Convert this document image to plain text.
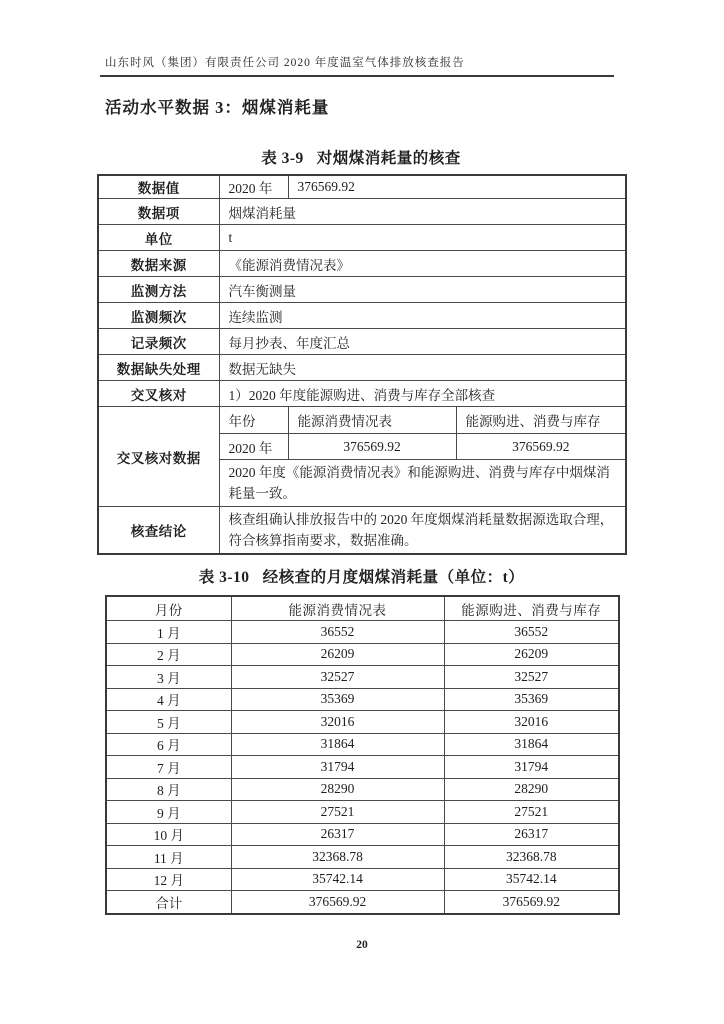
山东时风（集团）有限责任公司 2020 年度温室气体排放核查报告
活动水平数据 3：烟煤消耗量
表 3-9 对烟煤消耗量的核查
数据值	2020 年	376569.92	
数据项	烟煤消耗量		
单位	t		
数据来源	《能源消费情况表》		
监测方法	汽车衡测量		
监测频次	连续监测		
记录频次	每月抄表、年度汇总		
数据缺失处理	数据无缺失		
交叉核对	1）2020 年度能源购进、消费与库存全部核查		
交叉核对数据	年份	能源消费情况表	能源购进、消费与库存
	2020 年	376569.92	376569.92
	2020 年度《能源消费情况表》和能源购进、消费与库存中烟煤消耗量一致。		
核查结论	核查组确认排放报告中的 2020 年度烟煤消耗量数据源选取合理，符合核算指南要求，数据准确。		
表 3-10 经核查的月度烟煤消耗量（单位：t）
月份	能源消费情况表	能源购进、消费与库存
1 月	36552	36552
2 月	26209	26209
3 月	32527	32527
4 月	35369	35369
5 月	32016	32016
6 月	31864	31864
7 月	31794	31794
8 月	28290	28290
9 月	27521	27521
10 月	26317	26317
11 月	32368.78	32368.78
12 月	35742.14	35742.14
合计	376569.92	376569.92
20
